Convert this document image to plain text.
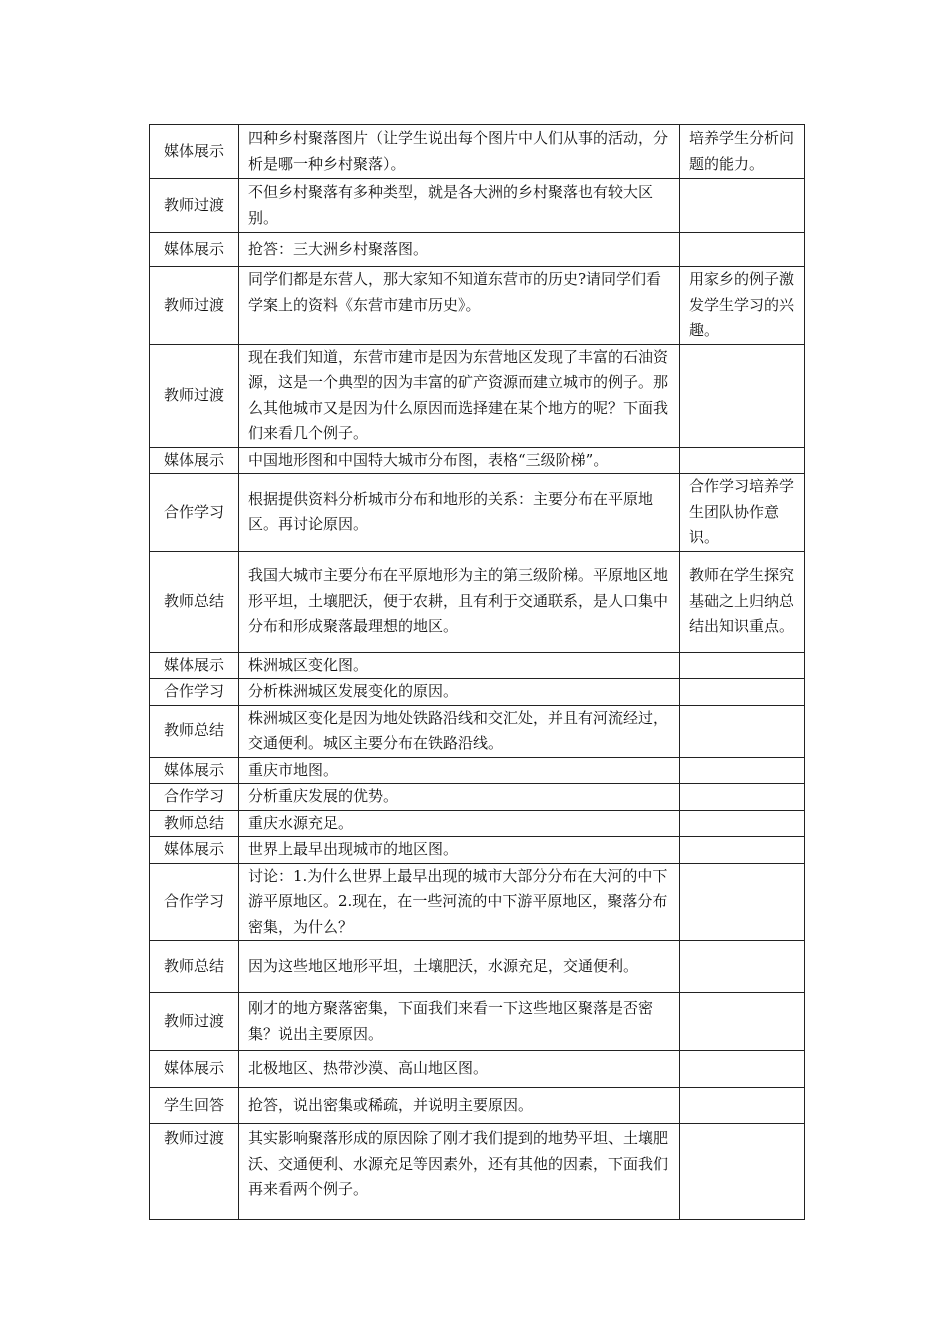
媒体展示	四种乡村聚落图片（让学生说出每个图片中人们从事的活动，分析是哪一种乡村聚落）。	培养学生分析问题的能力。
教师过渡	不但乡村聚落有多种类型，就是各大洲的乡村聚落也有较大区别。	
媒体展示	抢答：三大洲乡村聚落图。	
教师过渡	同学们都是东营人，那大家知不知道东营市的历史?请同学们看学案上的资料《东营市建市历史》。	用家乡的例子激发学生学习的兴趣。
教师过渡	现在我们知道，东营市建市是因为东营地区发现了丰富的石油资源，这是一个典型的因为丰富的矿产资源而建立城市的例子。那么其他城市又是因为什么原因而选择建在某个地方的呢？下面我们来看几个例子。	
媒体展示	中国地形图和中国特大城市分布图，表格“三级阶梯”。	
合作学习	根据提供资料分析城市分布和地形的关系：主要分布在平原地区。再讨论原因。	合作学习培养学生团队协作意识。
教师总结	我国大城市主要分布在平原地形为主的第三级阶梯。平原地区地形平坦，土壤肥沃，便于农耕，且有利于交通联系，是人口集中分布和形成聚落最理想的地区。	教师在学生探究基础之上归纳总结出知识重点。
媒体展示	株洲城区变化图。	
合作学习	分析株洲城区发展变化的原因。	
教师总结	株洲城区变化是因为地处铁路沿线和交汇处，并且有河流经过，交通便利。城区主要分布在铁路沿线。	
媒体展示	重庆市地图。	
合作学习	分析重庆发展的优势。	
教师总结	重庆水源充足。	
媒体展示	世界上最早出现城市的地区图。	
合作学习	讨论：1.为什么世界上最早出现的城市大部分分布在大河的中下游平原地区。2.现在，在一些河流的中下游平原地区，聚落分布密集，为什么？	
教师总结	因为这些地区地形平坦，土壤肥沃，水源充足，交通便利。	
教师过渡	刚才的地方聚落密集，下面我们来看一下这些地区聚落是否密集？说出主要原因。	
媒体展示	北极地区、热带沙漠、高山地区图。	
学生回答	抢答，说出密集或稀疏，并说明主要原因。	
教师过渡	其实影响聚落形成的原因除了刚才我们提到的地势平坦、土壤肥沃、交通便利、水源充足等因素外，还有其他的因素，下面我们再来看两个例子。	
